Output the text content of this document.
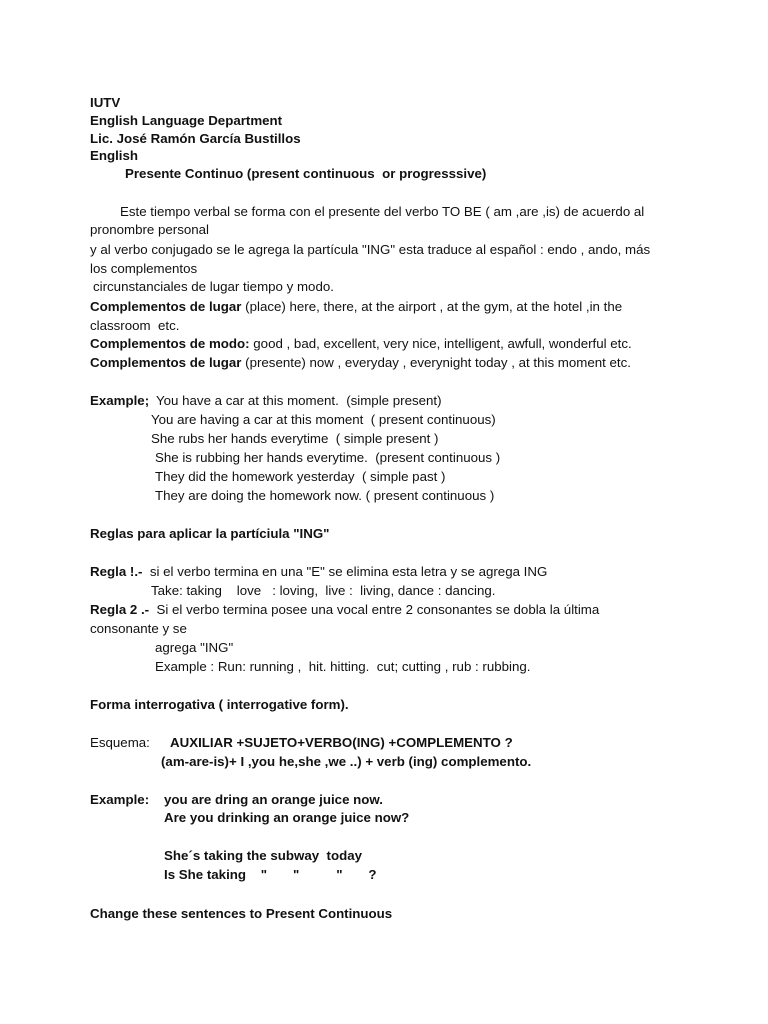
IUTV
English Language Department
Lic. José Ramón García Bustillos
English
Presente Continuo (present continuous  or progresssive)
Este tiempo verbal se forma con el presente del verbo TO BE ( am ,are ,is) de acuerdo al
pronombre personal
y al verbo conjugado se le agrega la partícula "ING" esta traduce al español : endo , ando, más
los complementos
circunstanciales de lugar tiempo y modo.
Complementos de lugar (place) here, there, at the airport , at the gym, at the hotel ,in the
classroom  etc.
Complementos de modo: good , bad, excellent, very nice, intelligent, awfull, wonderful etc.
Complementos de lugar (presente) now , everyday , everynight today , at this moment etc.
Example; You have a car at this moment.  (simple present)
You are having a car at this moment  ( present continuous)
She rubs her hands everytime  ( simple present )
She is rubbing her hands everytime.  (present continuous )
They did the homework yesterday  ( simple past )
They are doing the homework now. ( present continuous )
Reglas para aplicar la partíciula "ING"
Regla !.-  si el verbo termina en una "E" se elimina esta letra y se agrega ING
Take: taking    love   : loving,  live :  living, dance : dancing.
Regla 2 .-  Si el verbo termina posee una vocal entre 2 consonantes se dobla la última
consonante y se
agrega "ING"
Example : Run: running ,  hit. hitting.  cut; cutting , rub : rubbing.
Forma interrogativa ( interrogative form).
Esquema: AUXILIAR +SUJETO+VERBO(ING) +COMPLEMENTO ?
(am-are-is)+ I ,you he,she ,we ..) + verb (ing) complemento.
Example: you are dring an orange juice now.
Are you drinking an orange juice now?
She´s taking the subway  today
Is She taking    "       "          "       ?
Change these sentences to Present Continuous
